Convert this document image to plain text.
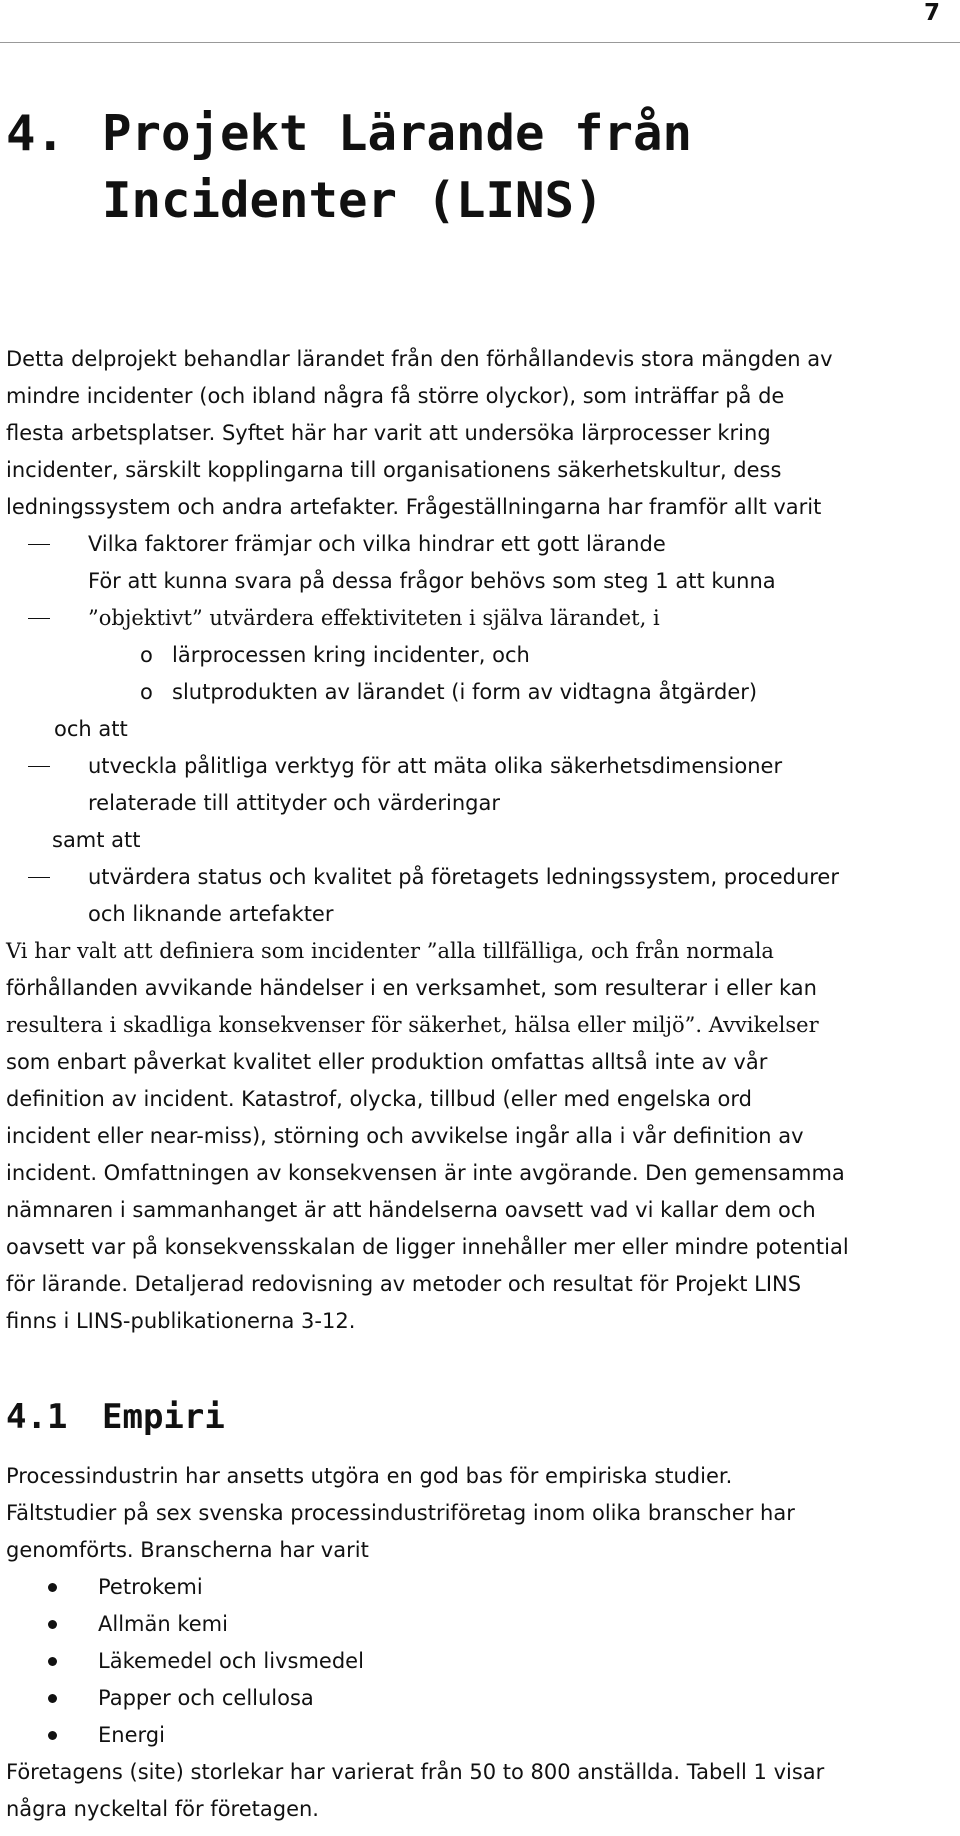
7
4. Projekt Lärande från
Incidenter (LINS)

Detta delprojekt behandlar lärandet från den förhållandevis stora mängden av

mindre incidenter (och ibland några få större olyckor), som inträffar på de

flesta arbetsplatser. Syftet här har varit att undersöka lärprocesser kring

incidenter, särskilt kopplingarna till organisationens säkerhetskultur, dess

ledningssystem och andra artefakter. Frågeställningarna har framför allt varit

Vilka faktorer främjar och vilka hindrar ett gott lärande

För att kunna svara på dessa frågor behövs som steg 1 att kunna

”objektivt” utvärdera effektiviteten i själva lärandet, i

o lärprocessen kring incidenter, och

o slutprodukten av lärandet (i form av vidtagna åtgärder)

och att

utveckla pålitliga verktyg för att mäta olika säkerhetsdimensioner

relaterade till attityder och värderingar

samt att

utvärdera status och kvalitet på företagets ledningssystem, procedurer

och liknande artefakter

Vi har valt att definiera som incidenter ”alla tillfälliga, och från normala

förhållanden avvikande händelser i en verksamhet, som resulterar i eller kan

resultera i skadliga konsekvenser för säkerhet, hälsa eller miljö”. Avvikelser

som enbart påverkat kvalitet eller produktion omfattas alltså inte av vår

definition av incident. Katastrof, olycka, tillbud (eller med engelska ord

incident eller near-miss), störning och avvikelse ingår alla i vår definition av

incident. Omfattningen av konsekvensen är inte avgörande. Den gemensamma

nämnaren i sammanhanget är att händelserna oavsett vad vi kallar dem och

oavsett var på konsekvensskalan de ligger innehåller mer eller mindre potential

för lärande. Detaljerad redovisning av metoder och resultat för Projekt LINS

finns i LINS-publikationerna 3-12.

4.1 Empiri

Processindustrin har ansetts utgöra en god bas för empiriska studier.

Fältstudier på sex svenska processindustriföretag inom olika branscher har

genomförts. Branscherna har varit

Petrokemi

Allmän kemi

Läkemedel och livsmedel

Papper och cellulosa

Energi

Företagens (site) storlekar har varierat från 50 to 800 anställda. Tabell 1 visar

några nyckeltal för företagen.
